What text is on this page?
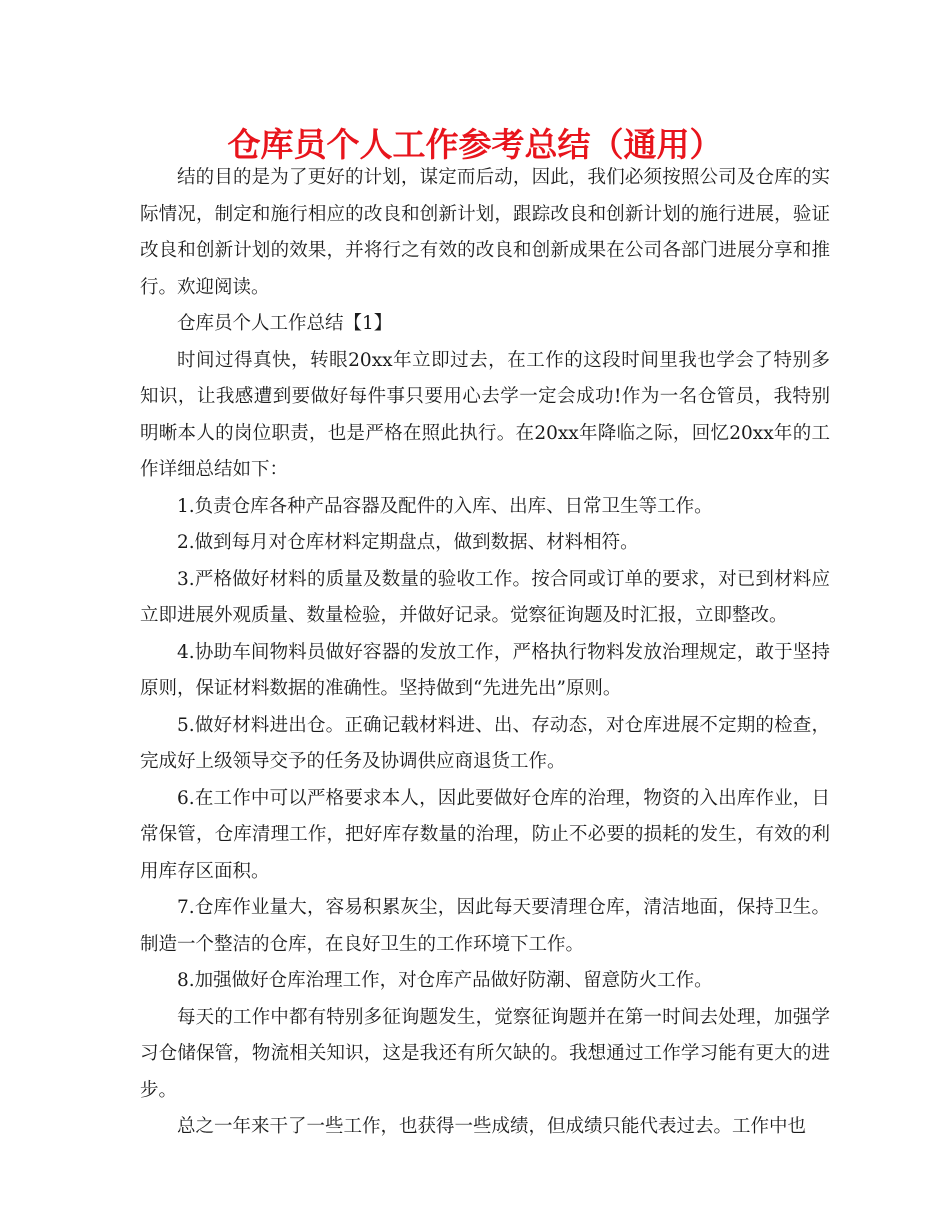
仓库员个人工作参考总结（通用）

结的目的是为了更好的计划，谋定而后动，因此，我们必须按照公司及仓库的实际情况，制定和施行相应的改良和创新计划，跟踪改良和创新计划的施行进展，验证改良和创新计划的效果，并将行之有效的改良和创新成果在公司各部门进展分享和推行。欢迎阅读。

仓库员个人工作总结【1】

时间过得真快，转眼20xx年立即过去，在工作的这段时间里我也学会了特别多知识，让我感遭到要做好每件事只要用心去学一定会成功!作为一名仓管员，我特别明晰本人的岗位职责，也是严格在照此执行。在20xx年降临之际，回忆20xx年的工作详细总结如下：

1.负责仓库各种产品容器及配件的入库、出库、日常卫生等工作。

2.做到每月对仓库材料定期盘点，做到数据、材料相符。

3.严格做好材料的质量及数量的验收工作。按合同或订单的要求，对已到材料应立即进展外观质量、数量检验，并做好记录。觉察征询题及时汇报，立即整改。

4.协助车间物料员做好容器的发放工作，严格执行物料发放治理规定，敢于坚持原则，保证材料数据的准确性。坚持做到“先进先出”原则。

5.做好材料进出仓。正确记载材料进、出、存动态，对仓库进展不定期的检查，完成好上级领导交予的任务及协调供应商退货工作。

6.在工作中可以严格要求本人，因此要做好仓库的治理，物资的入出库作业，日常保管，仓库清理工作，把好库存数量的治理，防止不必要的损耗的发生，有效的利用库存区面积。

7.仓库作业量大，容易积累灰尘，因此每天要清理仓库，清洁地面，保持卫生。制造一个整洁的仓库，在良好卫生的工作环境下工作。

8.加强做好仓库治理工作，对仓库产品做好防潮、留意防火工作。

每天的工作中都有特别多征询题发生，觉察征询题并在第一时间去处理，加强学习仓储保管，物流相关知识，这是我还有所欠缺的。我想通过工作学习能有更大的进步。

总之一年来干了一些工作，也获得一些成绩，但成绩只能代表过去。工作中也
